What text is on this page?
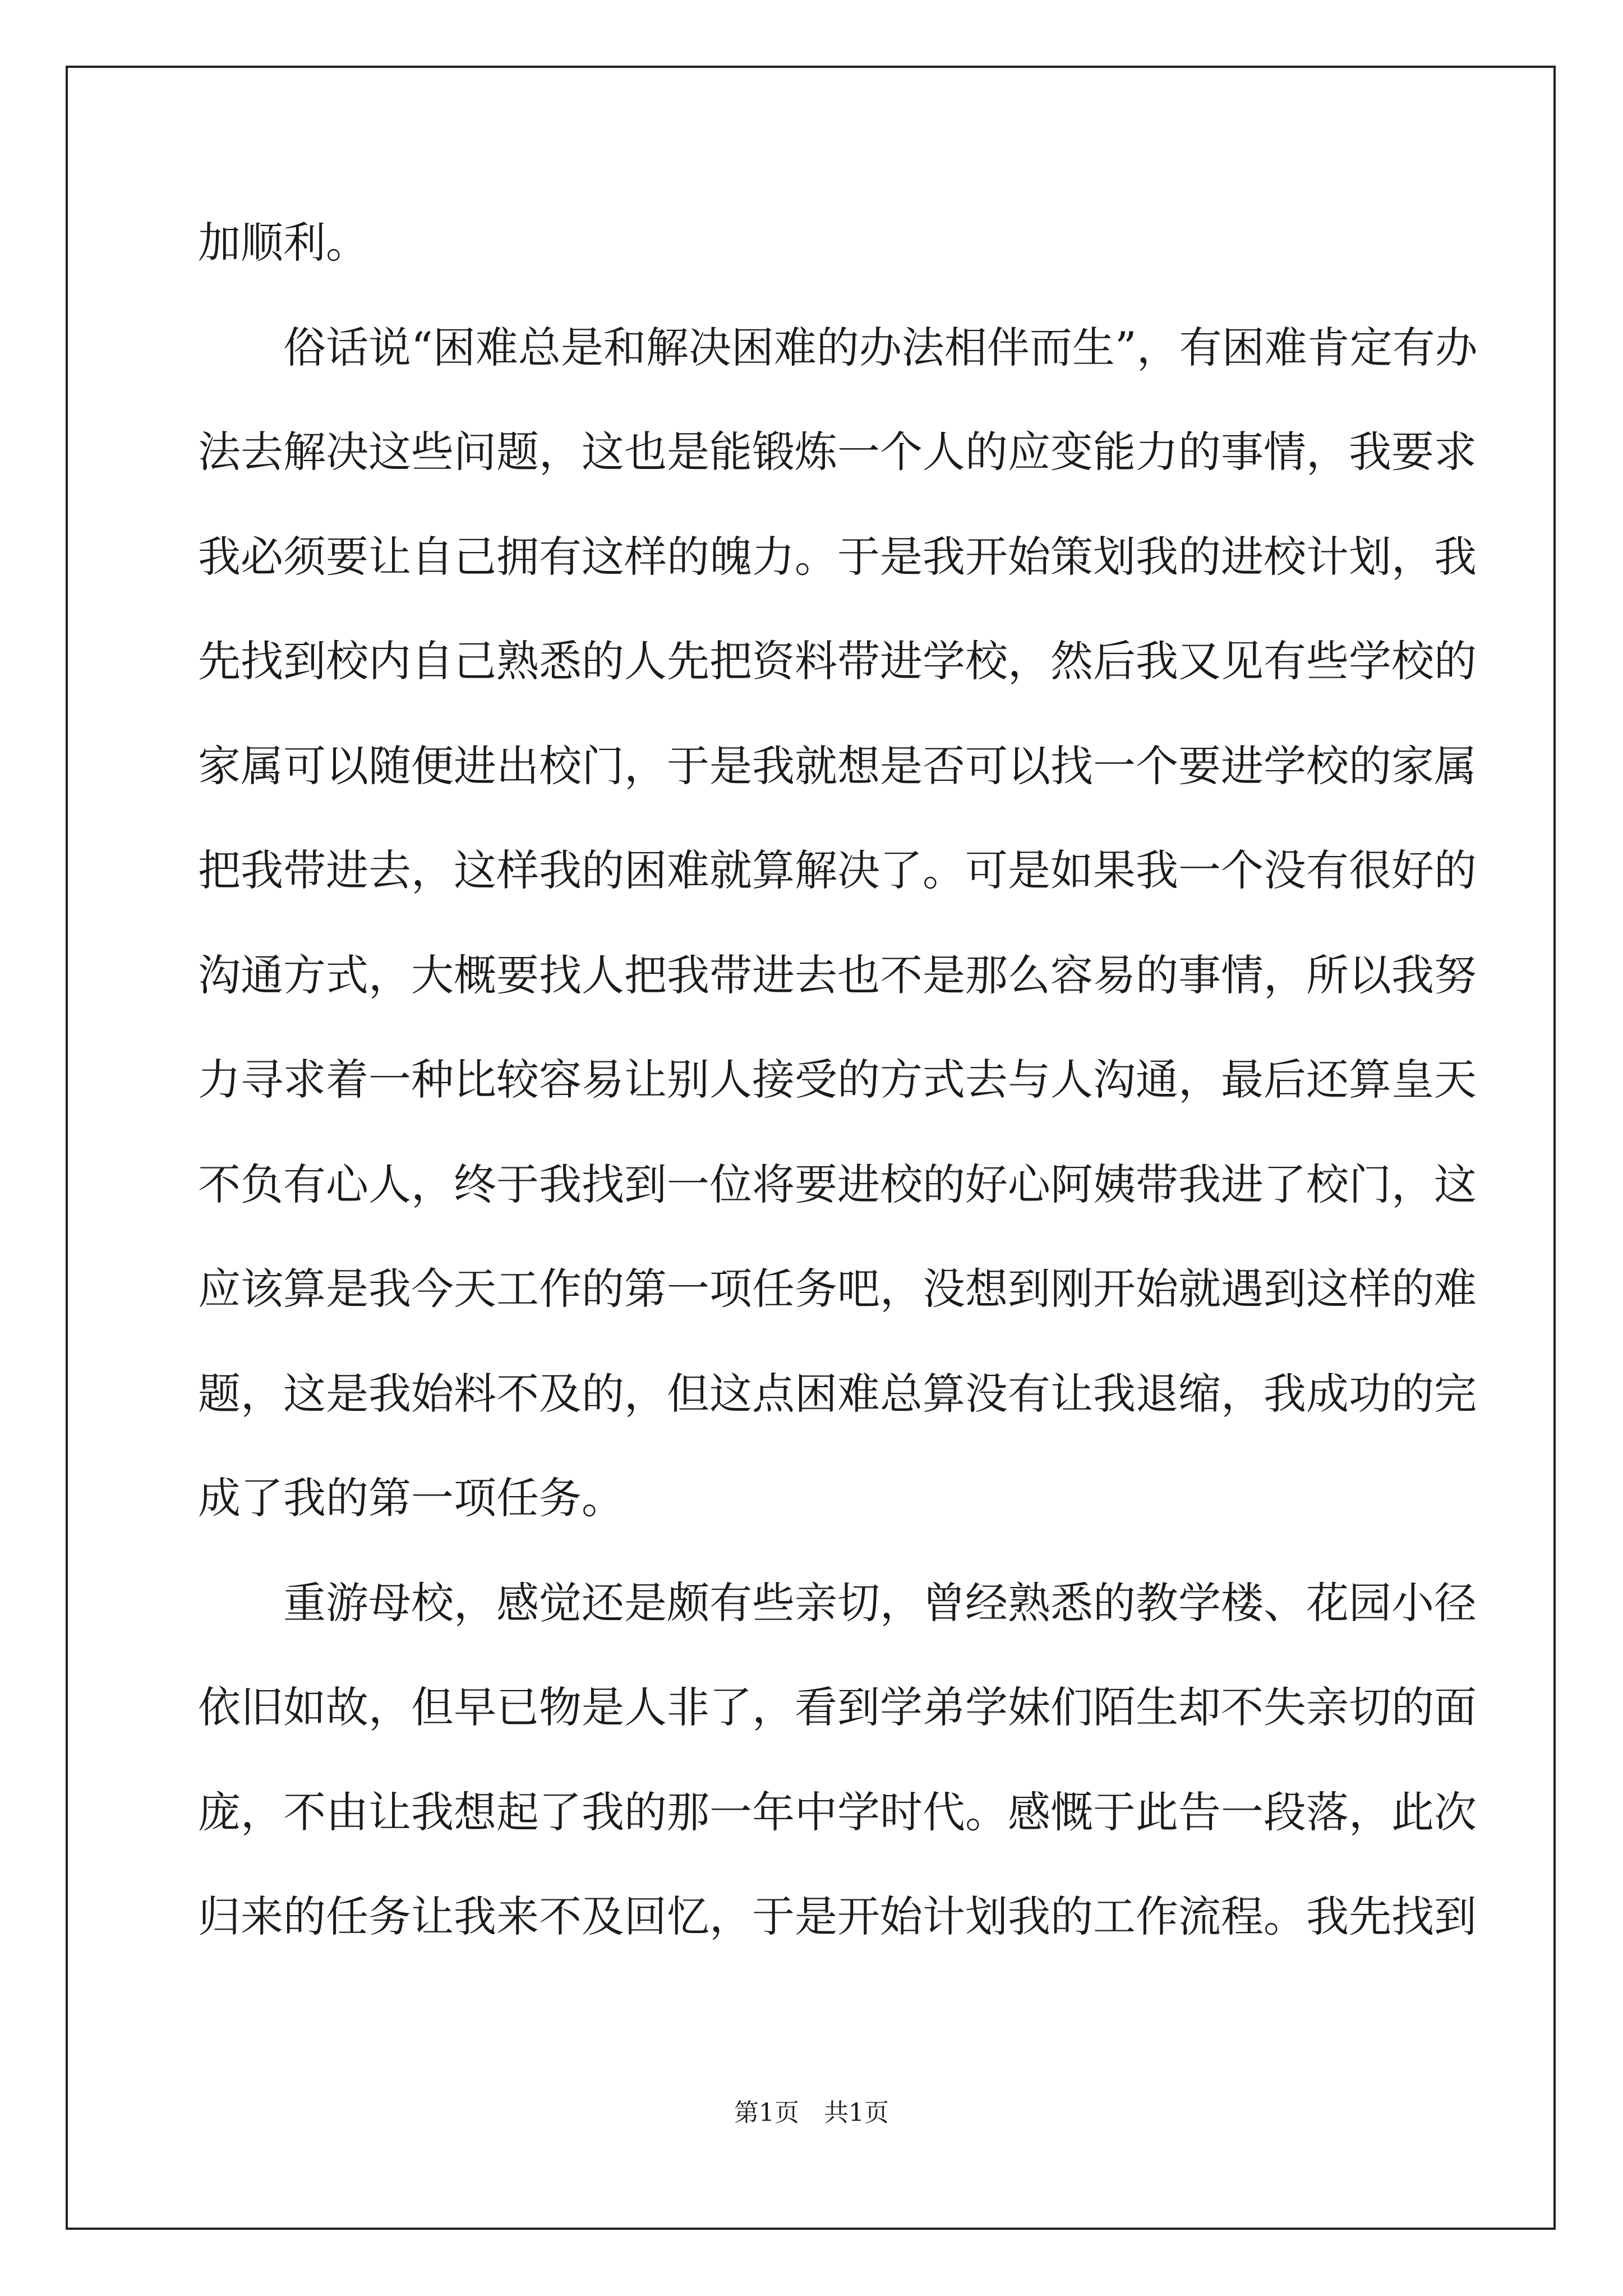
加顺利。
俗话说“困难总是和解决困难的办法相伴而生”，有困难肯定有办
法去解决这些问题，这也是能锻炼一个人的应变能力的事情，我要求
我必须要让自己拥有这样的魄力。于是我开始策划我的进校计划，我
先找到校内自己熟悉的人先把资料带进学校，然后我又见有些学校的
家属可以随便进出校门，于是我就想是否可以找一个要进学校的家属
把我带进去，这样我的困难就算解决了。可是如果我一个没有很好的
沟通方式，大概要找人把我带进去也不是那么容易的事情，所以我努
力寻求着一种比较容易让别人接受的方式去与人沟通，最后还算皇天
不负有心人，终于我找到一位将要进校的好心阿姨带我进了校门，这
应该算是我今天工作的第一项任务吧，没想到刚开始就遇到这样的难
题，这是我始料不及的，但这点困难总算没有让我退缩，我成功的完
成了我的第一项任务。
重游母校，感觉还是颇有些亲切，曾经熟悉的教学楼、花园小径
依旧如故，但早已物是人非了，看到学弟学妹们陌生却不失亲切的面
庞，不由让我想起了我的那一年中学时代。感慨于此告一段落，此次
归来的任务让我来不及回忆，于是开始计划我的工作流程。我先找到
第1页　共1页
